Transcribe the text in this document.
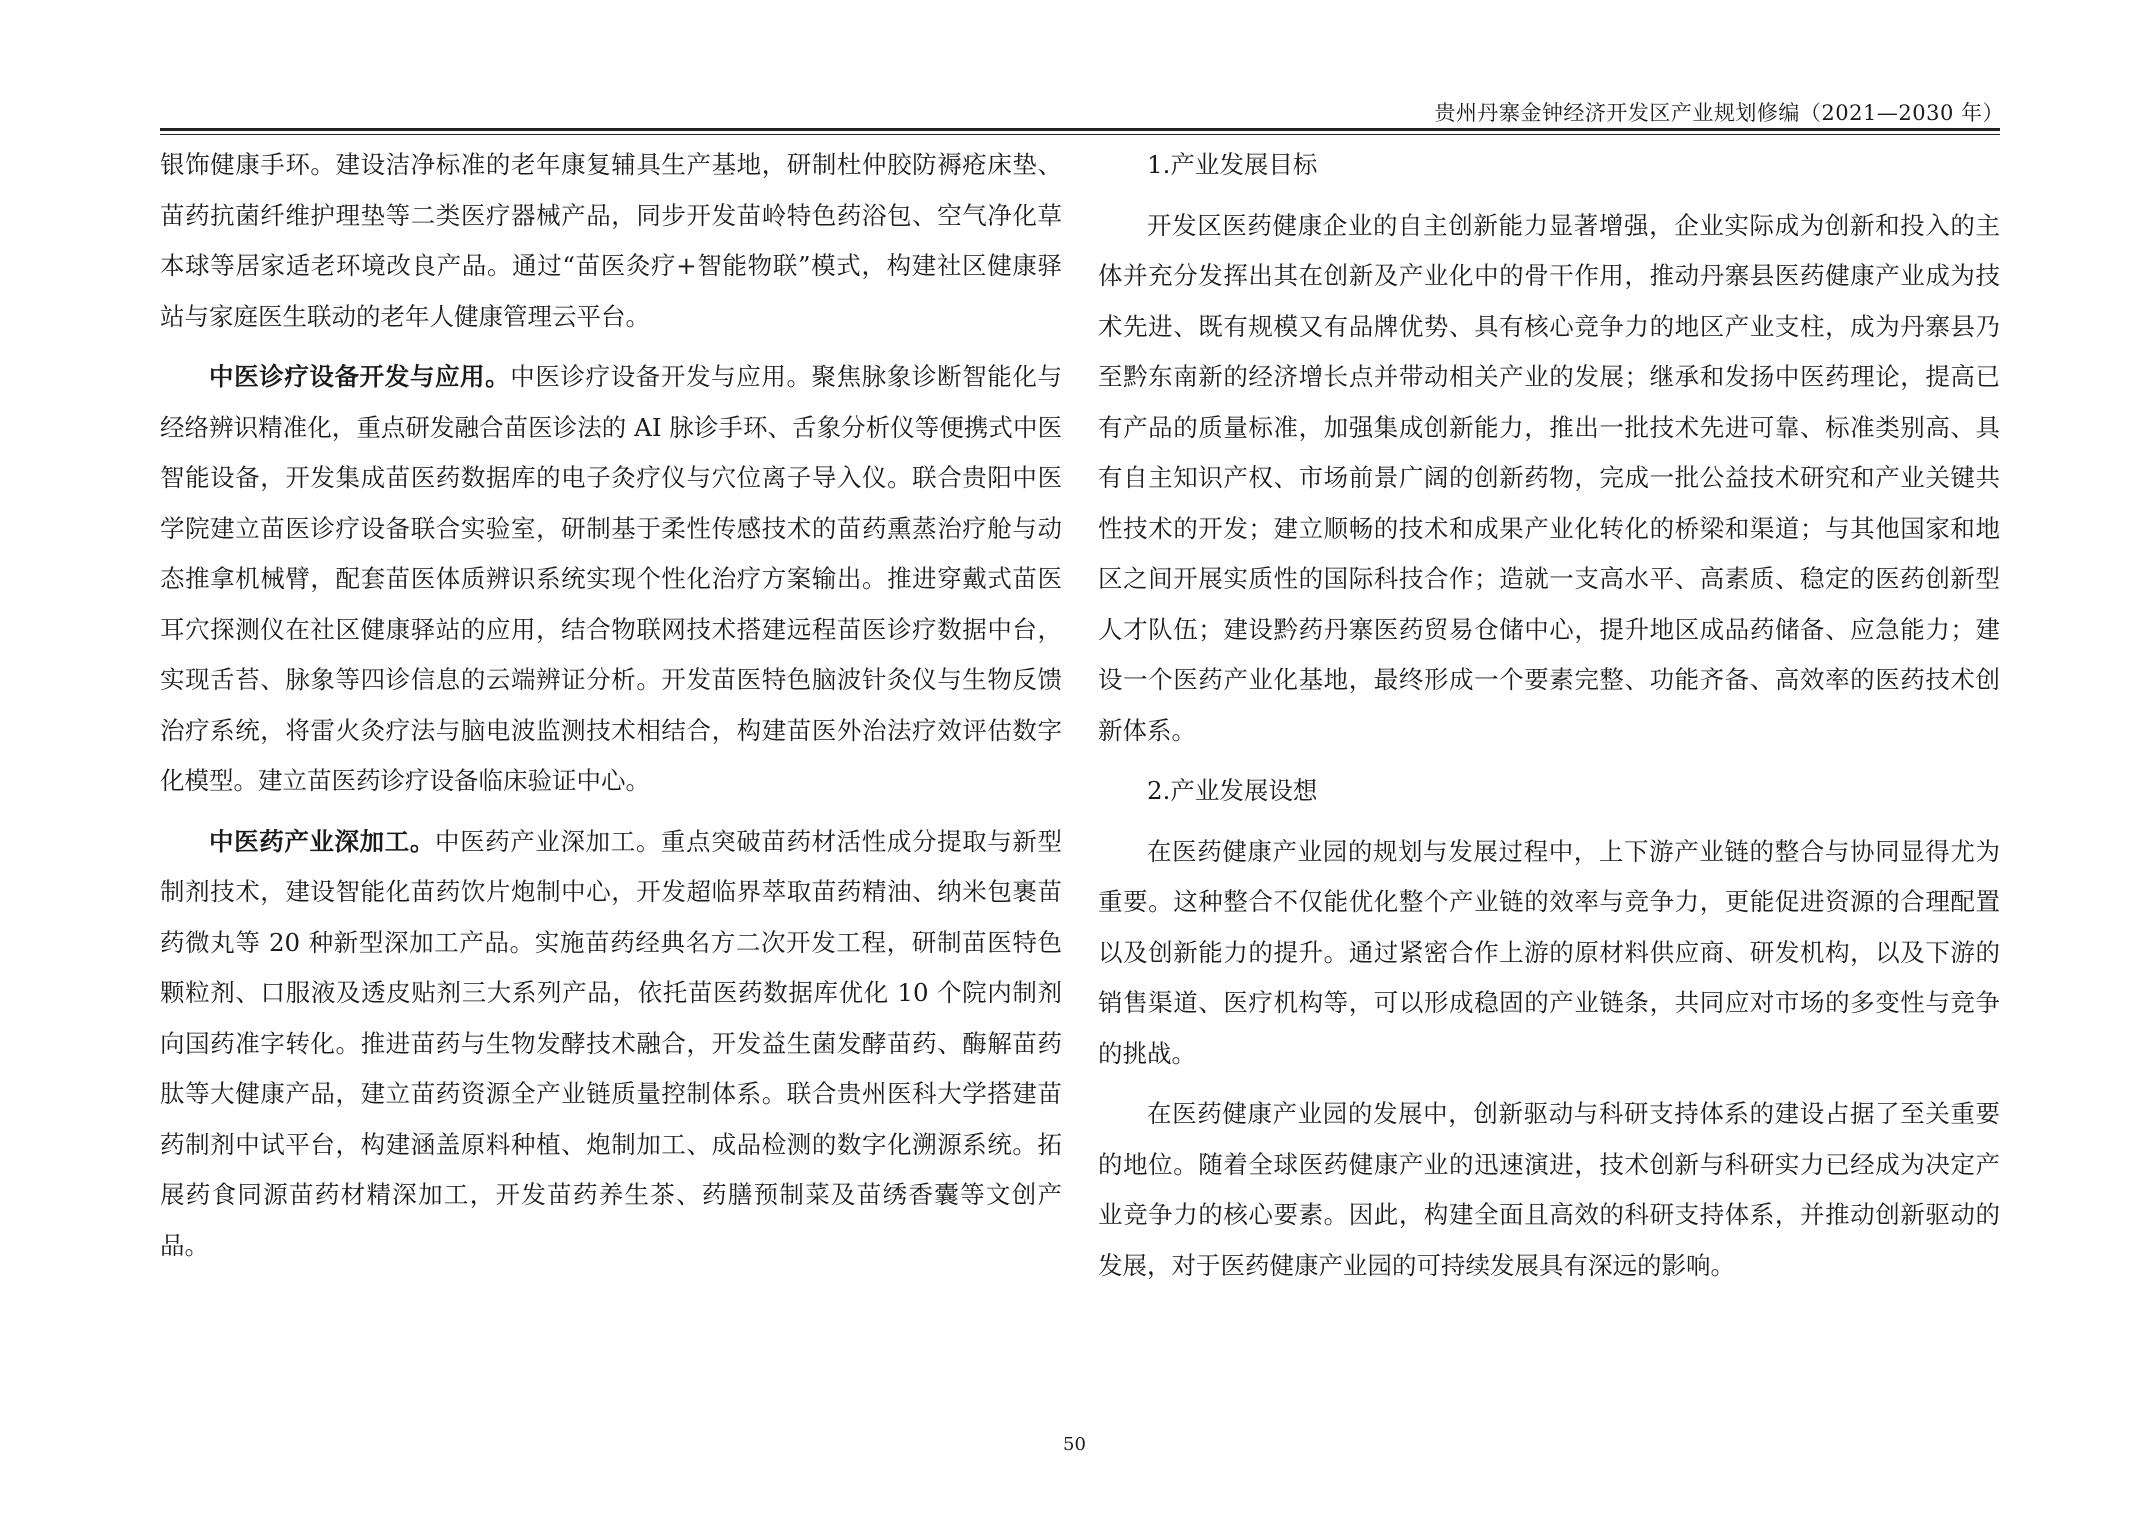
贵州丹寨金钟经济开发区产业规划修编（2021—2030 年）

银饰健康手环。建设洁净标准的老年康复辅具生产基地，研制杜仲胶防褥疮床垫、苗药抗菌纤维护理垫等二类医疗器械产品，同步开发苗岭特色药浴包、空气净化草本球等居家适老环境改良产品。通过“苗医灸疗+智能物联”模式，构建社区健康驿站与家庭医生联动的老年人健康管理云平台。

中医诊疗设备开发与应用。中医诊疗设备开发与应用。聚焦脉象诊断智能化与经络辨识精准化，重点研发融合苗医诊法的 AI 脉诊手环、舌象分析仪等便携式中医智能设备，开发集成苗医药数据库的电子灸疗仪与穴位离子导入仪。联合贵阳中医学院建立苗医诊疗设备联合实验室，研制基于柔性传感技术的苗药熏蒸治疗舱与动态推拿机械臂，配套苗医体质辨识系统实现个性化治疗方案输出。推进穿戴式苗医耳穴探测仪在社区健康驿站的应用，结合物联网技术搭建远程苗医诊疗数据中台，实现舌苔、脉象等四诊信息的云端辨证分析。开发苗医特色脑波针灸仪与生物反馈治疗系统，将雷火灸疗法与脑电波监测技术相结合，构建苗医外治法疗效评估数字化模型。建立苗医药诊疗设备临床验证中心。

中医药产业深加工。中医药产业深加工。重点突破苗药材活性成分提取与新型制剂技术，建设智能化苗药饮片炮制中心，开发超临界萃取苗药精油、纳米包裹苗药微丸等 20 种新型深加工产品。实施苗药经典名方二次开发工程，研制苗医特色颗粒剂、口服液及透皮贴剂三大系列产品，依托苗医药数据库优化 10 个院内制剂向国药准字转化。推进苗药与生物发酵技术融合，开发益生菌发酵苗药、酶解苗药肽等大健康产品，建立苗药资源全产业链质量控制体系。联合贵州医科大学搭建苗药制剂中试平台，构建涵盖原料种植、炮制加工、成品检测的数字化溯源系统。拓展药食同源苗药材精深加工，开发苗药养生茶、药膳预制菜及苗绣香囊等文创产品。

1.产业发展目标

开发区医药健康企业的自主创新能力显著增强，企业实际成为创新和投入的主体并充分发挥出其在创新及产业化中的骨干作用，推动丹寨县医药健康产业成为技术先进、既有规模又有品牌优势、具有核心竞争力的地区产业支柱，成为丹寨县乃至黔东南新的经济增长点并带动相关产业的发展；继承和发扬中医药理论，提高已有产品的质量标准，加强集成创新能力，推出一批技术先进可靠、标准类别高、具有自主知识产权、市场前景广阔的创新药物，完成一批公益技术研究和产业关键共性技术的开发；建立顺畅的技术和成果产业化转化的桥梁和渠道；与其他国家和地区之间开展实质性的国际科技合作；造就一支高水平、高素质、稳定的医药创新型人才队伍；建设黔药丹寨医药贸易仓储中心，提升地区成品药储备、应急能力；建设一个医药产业化基地，最终形成一个要素完整、功能齐备、高效率的医药技术创新体系。

2.产业发展设想

在医药健康产业园的规划与发展过程中，上下游产业链的整合与协同显得尤为重要。这种整合不仅能优化整个产业链的效率与竞争力，更能促进资源的合理配置以及创新能力的提升。通过紧密合作上游的原材料供应商、研发机构，以及下游的销售渠道、医疗机构等，可以形成稳固的产业链条，共同应对市场的多变性与竞争的挑战。

在医药健康产业园的发展中，创新驱动与科研支持体系的建设占据了至关重要的地位。随着全球医药健康产业的迅速演进，技术创新与科研实力已经成为决定产业竞争力的核心要素。因此，构建全面且高效的科研支持体系，并推动创新驱动的发展，对于医药健康产业园的可持续发展具有深远的影响。

50
